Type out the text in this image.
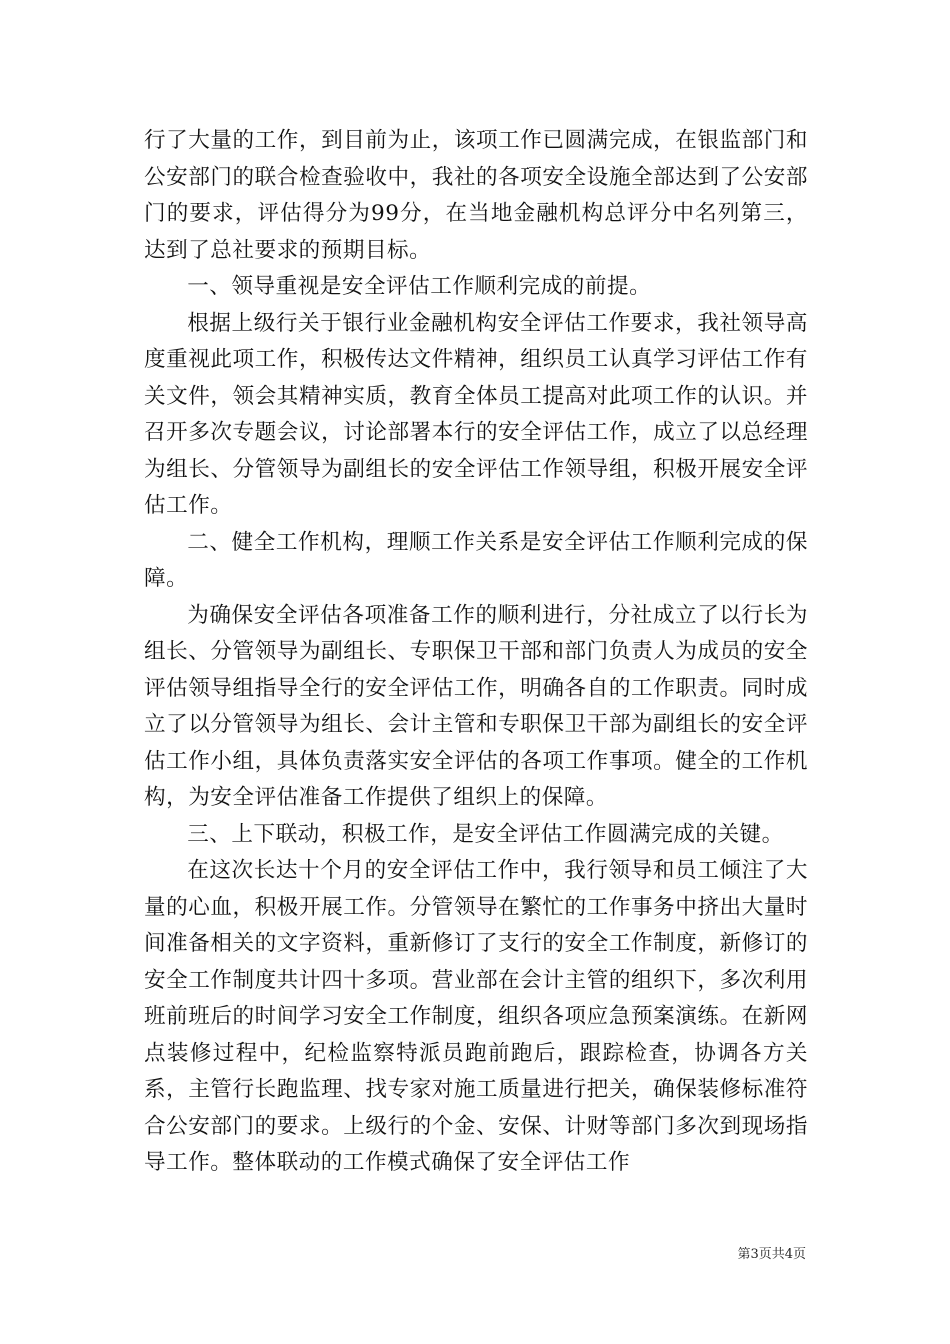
行了大量的工作，到目前为止，该项工作已圆满完成，在银监部门和公安部门的联合检查验收中，我社的各项安全设施全部达到了公安部门的要求，评估得分为99分，在当地金融机构总评分中名列第三，达到了总社要求的预期目标。

一、领导重视是安全评估工作顺利完成的前提。

根据上级行关于银行业金融机构安全评估工作要求，我社领导高度重视此项工作，积极传达文件精神，组织员工认真学习评估工作有关文件，领会其精神实质，教育全体员工提高对此项工作的认识。并召开多次专题会议，讨论部署本行的安全评估工作，成立了以总经理为组长、分管领导为副组长的安全评估工作领导组，积极开展安全评估工作。

二、健全工作机构，理顺工作关系是安全评估工作顺利完成的保障。

为确保安全评估各项准备工作的顺利进行，分社成立了以行长为组长、分管领导为副组长、专职保卫干部和部门负责人为成员的安全评估领导组指导全行的安全评估工作，明确各自的工作职责。同时成立了以分管领导为组长、会计主管和专职保卫干部为副组长的安全评估工作小组，具体负责落实安全评估的各项工作事项。健全的工作机构，为安全评估准备工作提供了组织上的保障。

三、上下联动，积极工作，是安全评估工作圆满完成的关键。

在这次长达十个月的安全评估工作中，我行领导和员工倾注了大量的心血，积极开展工作。分管领导在繁忙的工作事务中挤出大量时间准备相关的文字资料，重新修订了支行的安全工作制度，新修订的安全工作制度共计四十多项。营业部在会计主管的组织下，多次利用班前班后的时间学习安全工作制度，组织各项应急预案演练。在新网点装修过程中，纪检监察特派员跑前跑后，跟踪检查，协调各方关系，主管行长跑监理、找专家对施工质量进行把关，确保装修标准符合公安部门的要求。上级行的个金、安保、计财等部门多次到现场指导工作。整体联动的工作模式确保了安全评估工作

第3页共4页
